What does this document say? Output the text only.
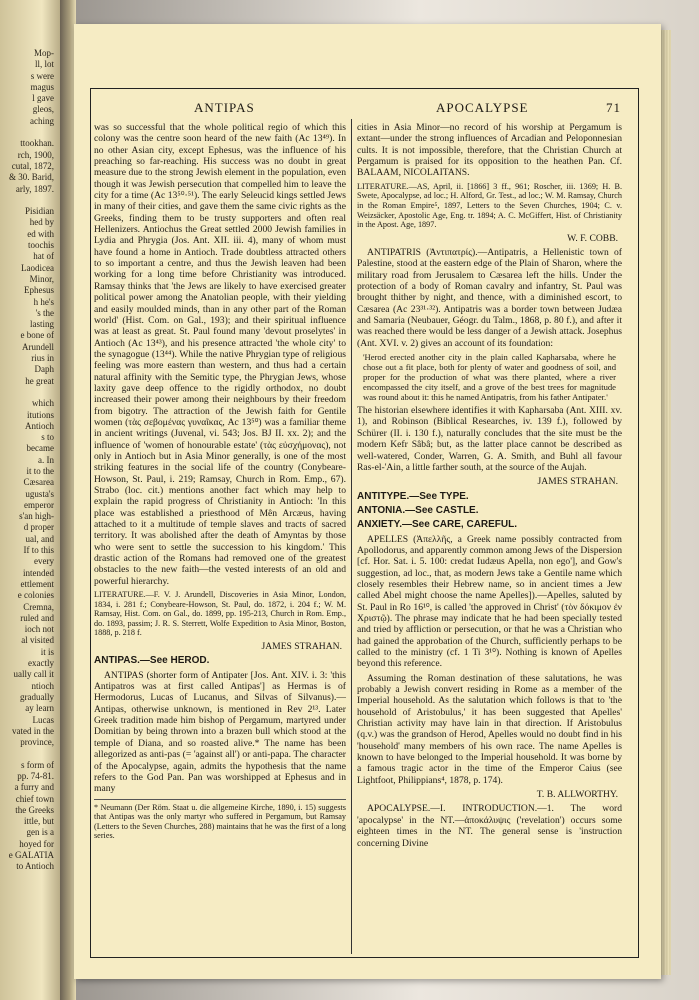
Mop-
ll, lot
s were
magus
l gave
gleos,
aching

ttookhan.
rch, 1900,
cutal, 1872,
& 30. Barid,
arly, 1897.

Pisidian
hed by
ed with
toochis
hat of
Laodicea
Minor,
Ephesus
h he's
's the
lasting
e bone of
Arundell
rius in
Daph
he great

which
itutions
Antioch
s to
became
a. In
it to the
Cæsarea
ugusta's
emperor
s'an high-
d proper
ual, and
If to this
every
intended
ettlement
e colonies
Cremna,
ruled and
ioch not
al visited
it is
exactly
ually call it
ntioch
gradually
ay learn
Lucas
vated in the
province,

s form of
pp. 74-81.
a furry and
chief town
the Greeks
ittle, but
gen is a
hoyed for
e GALATIA
to Antioch
ANTIPAS	APOCALYPSE	71

was so successful that the whole political regio of which this colony was the centre soon heard of the new faith (Ac 13⁴⁹). In no other Asian city, except Ephesus, was the influence of his preaching so far-reaching. His success was no doubt in great measure due to the strong Jewish element in the population, even though it was Jewish persecution that compelled him to leave the city for a time (Ac 13⁵⁰·⁵¹). The early Seleucid kings settled Jews in many of their cities, and gave them the same civic rights as the Greeks, finding them to be trusty supporters and often real Hellenizers. Antiochus the Great settled 2000 Jewish families in Lydia and Phrygia (Jos. Ant. XII. iii. 4), many of whom must have found a home in Antioch. Trade doubtless attracted others to so important a centre, and thus the Jewish leaven had been working for a long time before Christianity was introduced. Ramsay thinks that 'the Jews are likely to have exercised greater political power among the Anatolian people, with their yielding and easily moulded minds, than in any other part of the Roman world' (Hist. Com. on Gal., 193); and their spiritual influence was at least as great. St. Paul found many 'devout proselytes' in Antioch (Ac 13⁴³), and his presence attracted 'the whole city' to the synagogue (13⁴⁴). While the native Phrygian type of religious feeling was more eastern than western, and thus had a certain natural affinity with the Semitic type, the Phrygian Jews, whose laxity gave deep offence to the rigidly orthodox, no doubt increased their power among their neighbours by their freedom from bigotry. The attraction of the Jewish faith for Gentile women (τὰς σεβομένας γυναῖκας, Ac 13⁵⁰) was a familiar theme in ancient writings (Juvenal, vi. 543; Jos. BJ II. xx. 2); and the influence of 'women of honourable estate' (τὰς εὐσχήμονας), not only in Antioch but in Asia Minor generally, is one of the most striking features in the social life of the country (Conybeare-Howson, St. Paul, i. 219; Ramsay, Church in Rom. Emp., 67). Strabo (loc. cit.) mentions another fact which may help to explain the rapid progress of Christianity in Antioch: 'In this place was established a priesthood of Mên Arcæus, having attached to it a multitude of temple slaves and tracts of sacred territory. It was abolished after the death of Amyntas by those who were sent to settle the succession to his kingdom.' This drastic action of the Romans had removed one of the greatest obstacles to the new faith—the vested interests of an old and powerful hierarchy.

LITERATURE.—F. V. J. Arundell, Discoveries in Asia Minor, London, 1834, i. 281 f.; Conybeare-Howson, St. Paul, do. 1872, i. 204 f.; W. M. Ramsay, Hist. Com. on Gal., do. 1899, pp. 195-213, Church in Rom. Emp., do. 1893, passim; J. R. S. Sterrett, Wolfe Expedition to Asia Minor, Boston, 1888, p. 218 f.

JAMES STRAHAN.

ANTIPAS.—See HEROD.

ANTIPAS (shorter form of Antipater [Jos. Ant. XIV. i. 3: 'this Antipatros was at first called Antipas'] as Hermas is of Hermodorus, Lucas of Lucanus, and Silvas of Silvanus).—Antipas, otherwise unknown, is mentioned in Rev 2¹³. Later Greek tradition made him bishop of Pergamum, martyred under Domitian by being thrown into a brazen bull which stood at the temple of Diana, and so roasted alive.* The name has been allegorized as anti-pas (= 'against all') or anti-papa. The character of the Apocalypse, again, admits the hypothesis that the name refers to the God Pan. Pan was worshipped at Ephesus and in many

* Neumann (Der Röm. Staat u. die allgemeine Kirche, 1890, i. 15) suggests that Antipas was the only martyr who suffered in Pergamum, but Ramsay (Letters to the Seven Churches, 288) maintains that he was the first of a long series.

cities in Asia Minor—no record of his worship at Pergamum is extant—under the strong influences of Arcadian and Peloponnesian cults. It is not impossible, therefore, that the Christian Church at Pergamum is praised for its opposition to the heathen Pan. Cf. BALAAM, NICOLAITANS.

LITERATURE.—AS, April, ii. [1866] 3 ff., 961; Roscher, iii. 1369; H. B. Swete, Apocalypse, ad loc.; H. Alford, Gr. Test., ad loc.; W. M. Ramsay, Church in the Roman Empire⁵, 1897, Letters to the Seven Churches, 1904; C. v. Weizsäcker, Apostolic Age, Eng. tr. 1894; A. C. McGiffert, Hist. of Christianity in the Apost. Age, 1897.

W. F. COBB.

ANTIPATRIS (Ἀντιπατρίς).—Antipatris, a Hellenistic town of Palestine, stood at the eastern edge of the Plain of Sharon, where the military road from Jerusalem to Cæsarea left the hills. Under the protection of a body of Roman cavalry and infantry, St. Paul was brought thither by night, and thence, with a diminished escort, to Cæsarea (Ac 23³¹·³²). Antipatris was a border town between Judæa and Samaria (Neubauer, Géogr. du Talm., 1868, p. 80 f.), and after it was reached there would be less danger of a Jewish attack. Josephus (Ant. XVI. v. 2) gives an account of its foundation:

'Herod erected another city in the plain called Kapharsaba, where he chose out a fit place, both for plenty of water and goodness of soil, and proper for the production of what was there planted, where a river encompassed the city itself, and a grove of the best trees for magnitude was round about it: this he named Antipatris, from his father Antipater.'

The historian elsewhere identifies it with Kapharsaba (Ant. XIII. xv. 1), and Robinson (Biblical Researches, iv. 139 f.), followed by Schürer (II. i. 130 f.), naturally concludes that the site must be the modern Kefr Sâbâ; but, as the latter place cannot be described as well-watered, Conder, Warren, G. A. Smith, and Buhl all favour Ras-el-'Ain, a little farther south, at the source of the Aujah.

JAMES STRAHAN.

ANTITYPE.—See TYPE.

ANTONIA.—See CASTLE.

ANXIETY.—See CARE, CAREFUL.

APELLES (Ἀπελλῆς, a Greek name possibly contracted from Apollodorus, and apparently common among Jews of the Dispersion [cf. Hor. Sat. i. 5. 100: credat Iudæus Apella, non ego'], and Gow's suggestion, ad loc., that, as modern Jews take a Gentile name which closely resembles their Hebrew name, so in ancient times a Jew called Abel might choose the name Apelles]).—Apelles, saluted by St. Paul in Ro 16¹⁰, is called 'the approved in Christ' (τὸν δόκιμον ἐν Χριστῷ). The phrase may indicate that he had been specially tested and tried by affliction or persecution, or that he was a Christian who had gained the approbation of the Church, sufficiently perhaps to be called to the ministry (cf. 1 Ti 3¹⁰). Nothing is known of Apelles beyond this reference.

Assuming the Roman destination of these salutations, he was probably a Jewish convert residing in Rome as a member of the Imperial household. As the salutation which follows is that to 'the household of Aristobulus,' it has been suggested that Apelles' Christian activity may have lain in that direction. If Aristobulus (q.v.) was the grandson of Herod, Apelles would no doubt find in his 'household' many members of his own race. The name Apelles is known to have belonged to the Imperial household. It was borne by a famous tragic actor in the time of the Emperor Caius (see Lightfoot, Philippians⁴, 1878, p. 174).

T. B. ALLWORTHY.

APOCALYPSE.—I. INTRODUCTION.—1. The word 'apocalypse' in the NT.—ἀποκάλυψις ('revelation') occurs some eighteen times in the NT. The general sense is 'instruction concerning Divine
